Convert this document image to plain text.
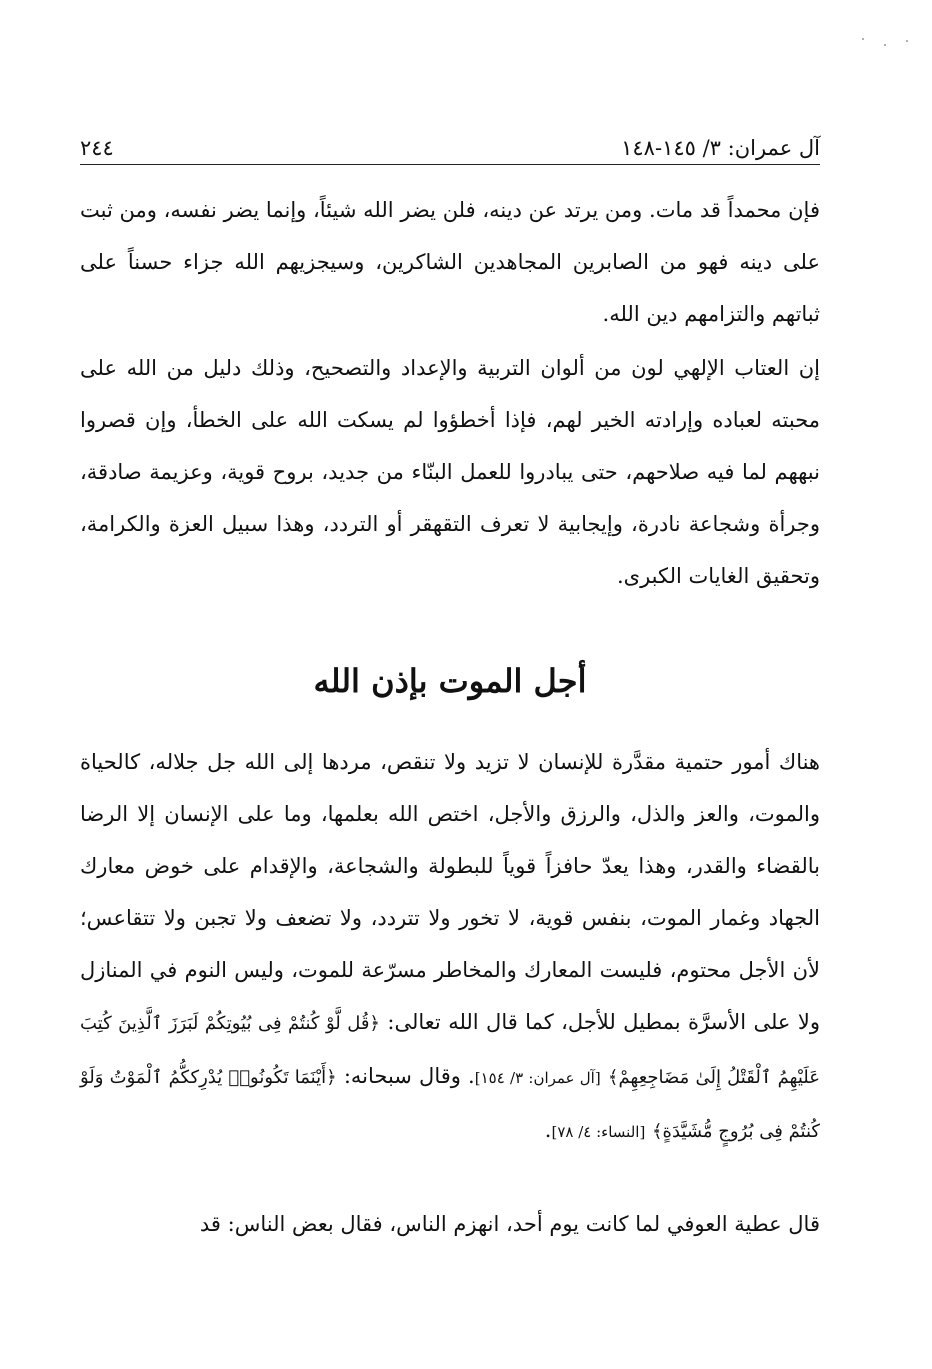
آل عمران: ٣/ ١٤٥-١٤٨
٢٤٤

فإن محمداً قد مات. ومن يرتد عن دينه، فلن يضر الله شيئاً، وإنما يضر نفسه، ومن ثبت على دينه فهو من الصابرين المجاهدين الشاكرين، وسيجزيهم الله جزاء حسناً على ثباتهم والتزامهم دين الله.

إن العتاب الإلهي لون من ألوان التربية والإعداد والتصحيح، وذلك دليل من الله على محبته لعباده وإرادته الخير لهم، فإذا أخطؤوا لم يسكت الله على الخطأ، وإن قصروا نبههم لما فيه صلاحهم، حتى يبادروا للعمل البنّاء من جديد، بروح قوية، وعزيمة صادقة، وجرأة وشجاعة نادرة، وإيجابية لا تعرف التقهقر أو التردد، وهذا سبيل العزة والكرامة، وتحقيق الغايات الكبرى.

أجل الموت بإذن الله

هناك أمور حتمية مقدَّرة للإنسان لا تزيد ولا تنقص، مردها إلى الله جل جلاله، كالحياة والموت، والعز والذل، والرزق والأجل، اختص الله بعلمها، وما على الإنسان إلا الرضا بالقضاء والقدر، وهذا يعدّ حافزاً قوياً للبطولة والشجاعة، والإقدام على خوض معارك الجهاد وغمار الموت، بنفس قوية، لا تخور ولا تتردد، ولا تضعف ولا تجبن ولا تتقاعس؛ لأن الأجل محتوم، فليست المعارك والمخاطر مسرّعة للموت، وليس النوم في المنازل ولا على الأسرَّة بمطيل للأجل، كما قال الله تعالى: ﴿قُل لَّوْ كُنتُمْ فِى بُيُوتِكُمْ لَبَرَزَ ٱلَّذِينَ كُتِبَ عَلَيْهِمُ ٱلْقَتْلُ إِلَىٰ مَضَاجِعِهِمْ﴾ [آل عمران: ٣/ ١٥٤]. وقال سبحانه: ﴿أَيْنَمَا تَكُونُوا۟ يُدْرِككُّمُ ٱلْمَوْتُ وَلَوْ كُنتُمْ فِى بُرُوجٍ مُّشَيَّدَةٍ﴾ [النساء: ٤/ ٧٨].

قال عطية العوفي لما كانت يوم أحد، انهزم الناس، فقال بعض الناس: قد
